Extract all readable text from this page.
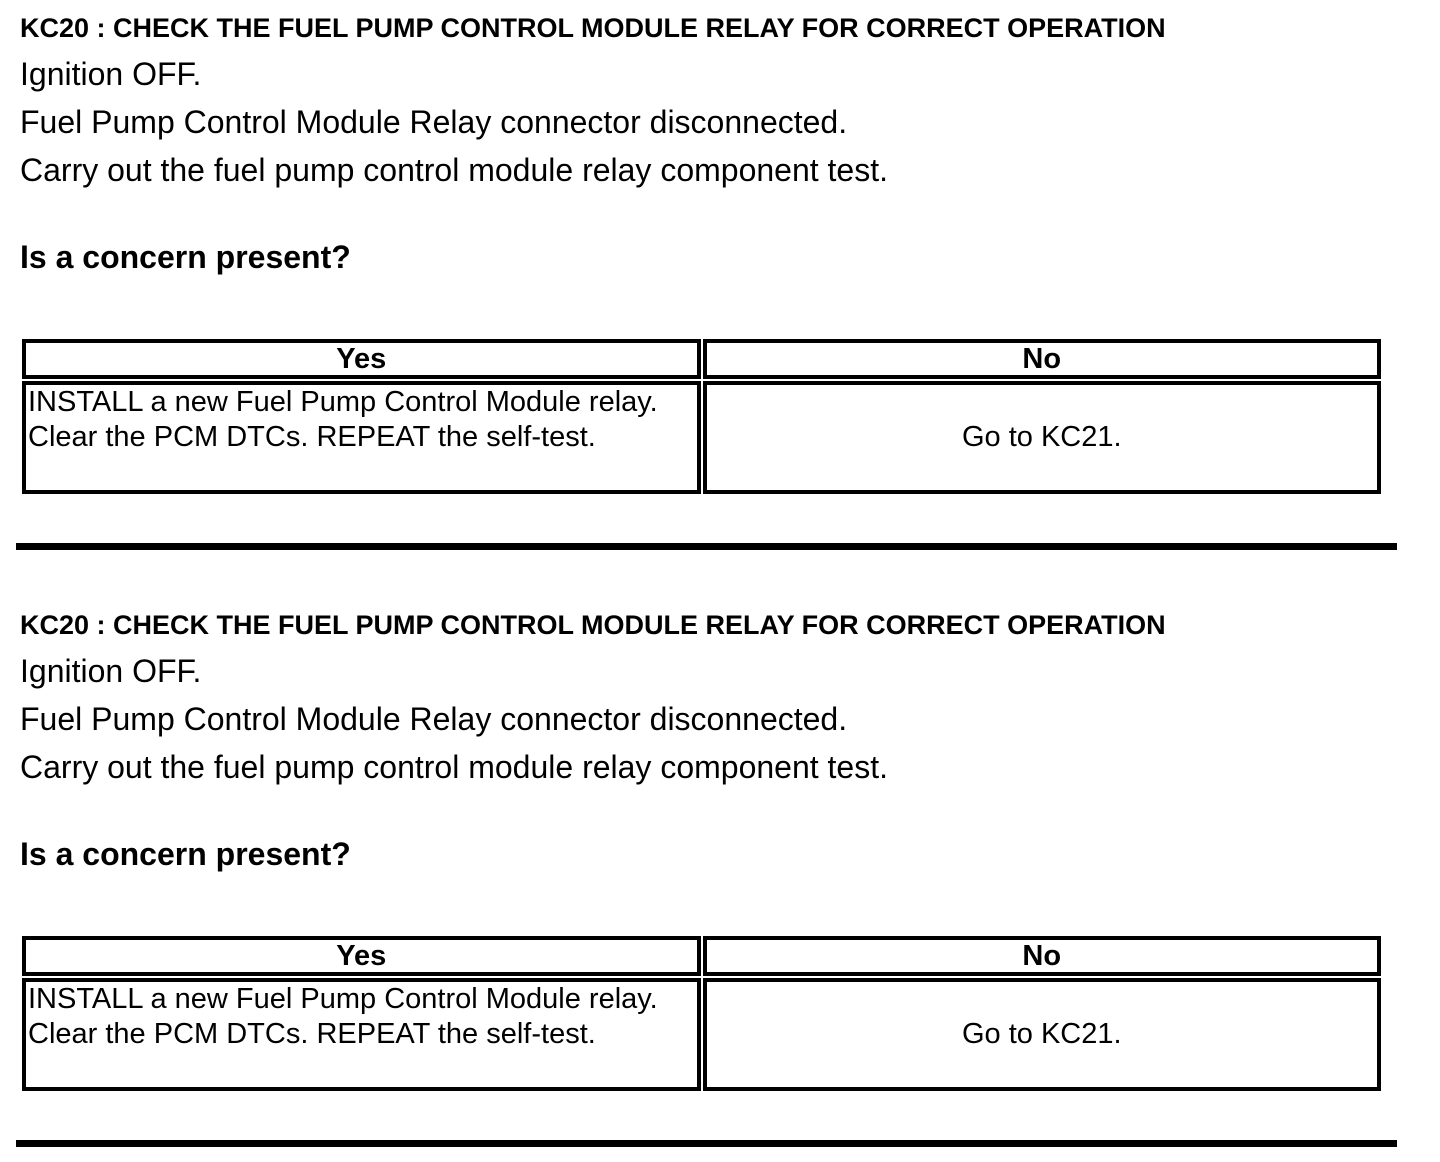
KC20 : CHECK THE FUEL PUMP CONTROL MODULE RELAY FOR CORRECT OPERATION

Ignition OFF.

Fuel Pump Control Module Relay connector disconnected.

Carry out the fuel pump control module relay component test.

Is a concern present?

Yes	No

INSTALL a new Fuel Pump Control Module relay.
Clear the PCM DTCs. REPEAT the self-test.	Go to KC21.
KC20 : CHECK THE FUEL PUMP CONTROL MODULE RELAY FOR CORRECT OPERATION

Ignition OFF.

Fuel Pump Control Module Relay connector disconnected.

Carry out the fuel pump control module relay component test.

Is a concern present?

Yes	No

INSTALL a new Fuel Pump Control Module relay.
Clear the PCM DTCs. REPEAT the self-test.	Go to KC21.
